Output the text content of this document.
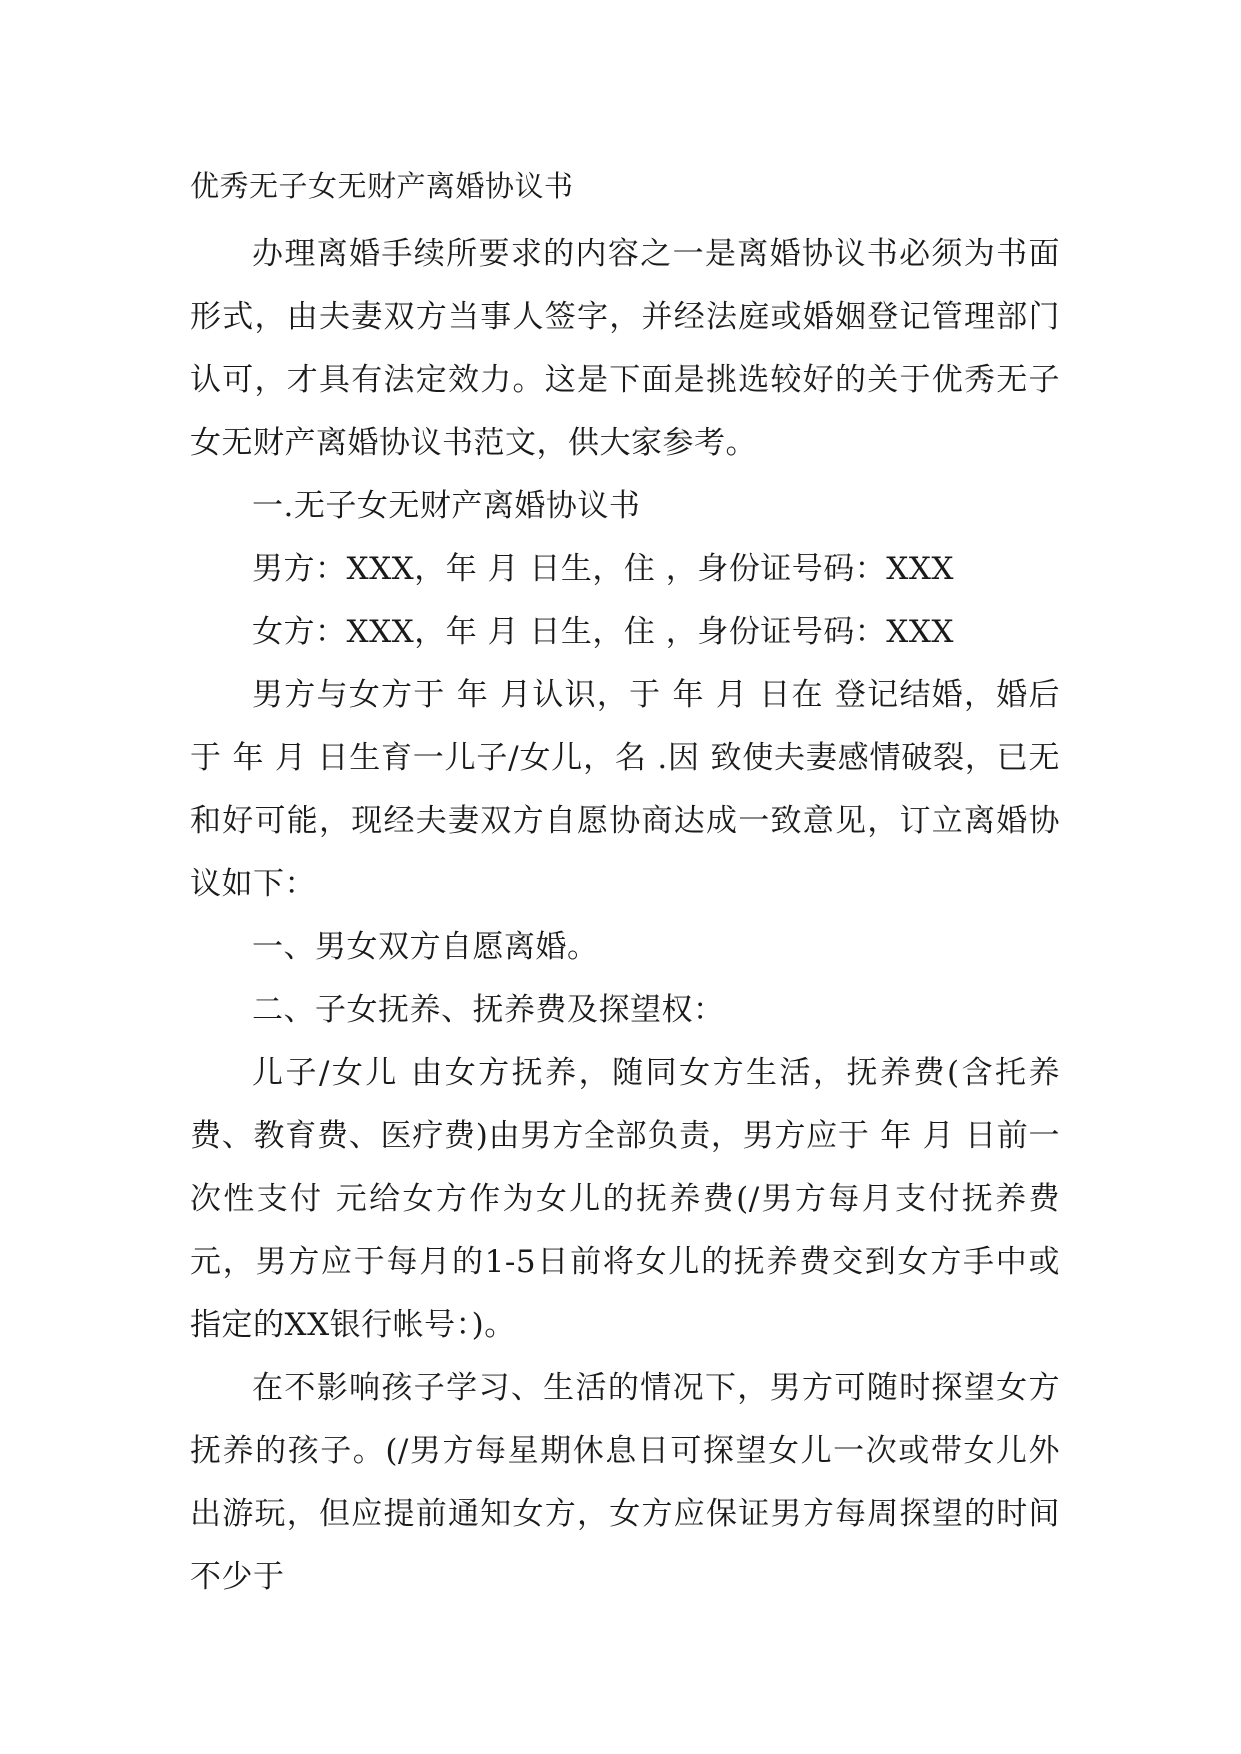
优秀无子女无财产离婚协议书

办理离婚手续所要求的内容之一是离婚协议书必须为书面形式，由夫妻双方当事人签字，并经法庭或婚姻登记管理部门认可，才具有法定效力。这是下面是挑选较好的关于优秀无子女无财产离婚协议书范文，供大家参考。

一.无子女无财产离婚协议书

男方：XXX，年 月 日生，住 ，身份证号码：XXX

女方：XXX，年 月 日生，住 ，身份证号码：XXX

男方与女方于 年 月认识，于 年 月 日在 登记结婚，婚后于 年 月 日生育一儿子/女儿，名 .因 致使夫妻感情破裂，已无和好可能，现经夫妻双方自愿协商达成一致意见，订立离婚协议如下：

一、男女双方自愿离婚。

二、子女抚养、抚养费及探望权：

儿子/女儿 由女方抚养，随同女方生活，抚养费(含托养费、教育费、医疗费)由男方全部负责，男方应于 年 月 日前一次性支付 元给女方作为女儿的抚养费(/男方每月支付抚养费 元，男方应于每月的1-5日前将女儿的抚养费交到女方手中或指定的XX银行帐号：)。

在不影响孩子学习、生活的情况下，男方可随时探望女方抚养的孩子。(/男方每星期休息日可探望女儿一次或带女儿外出游玩，但应提前通知女方，女方应保证男方每周探望的时间不少于
